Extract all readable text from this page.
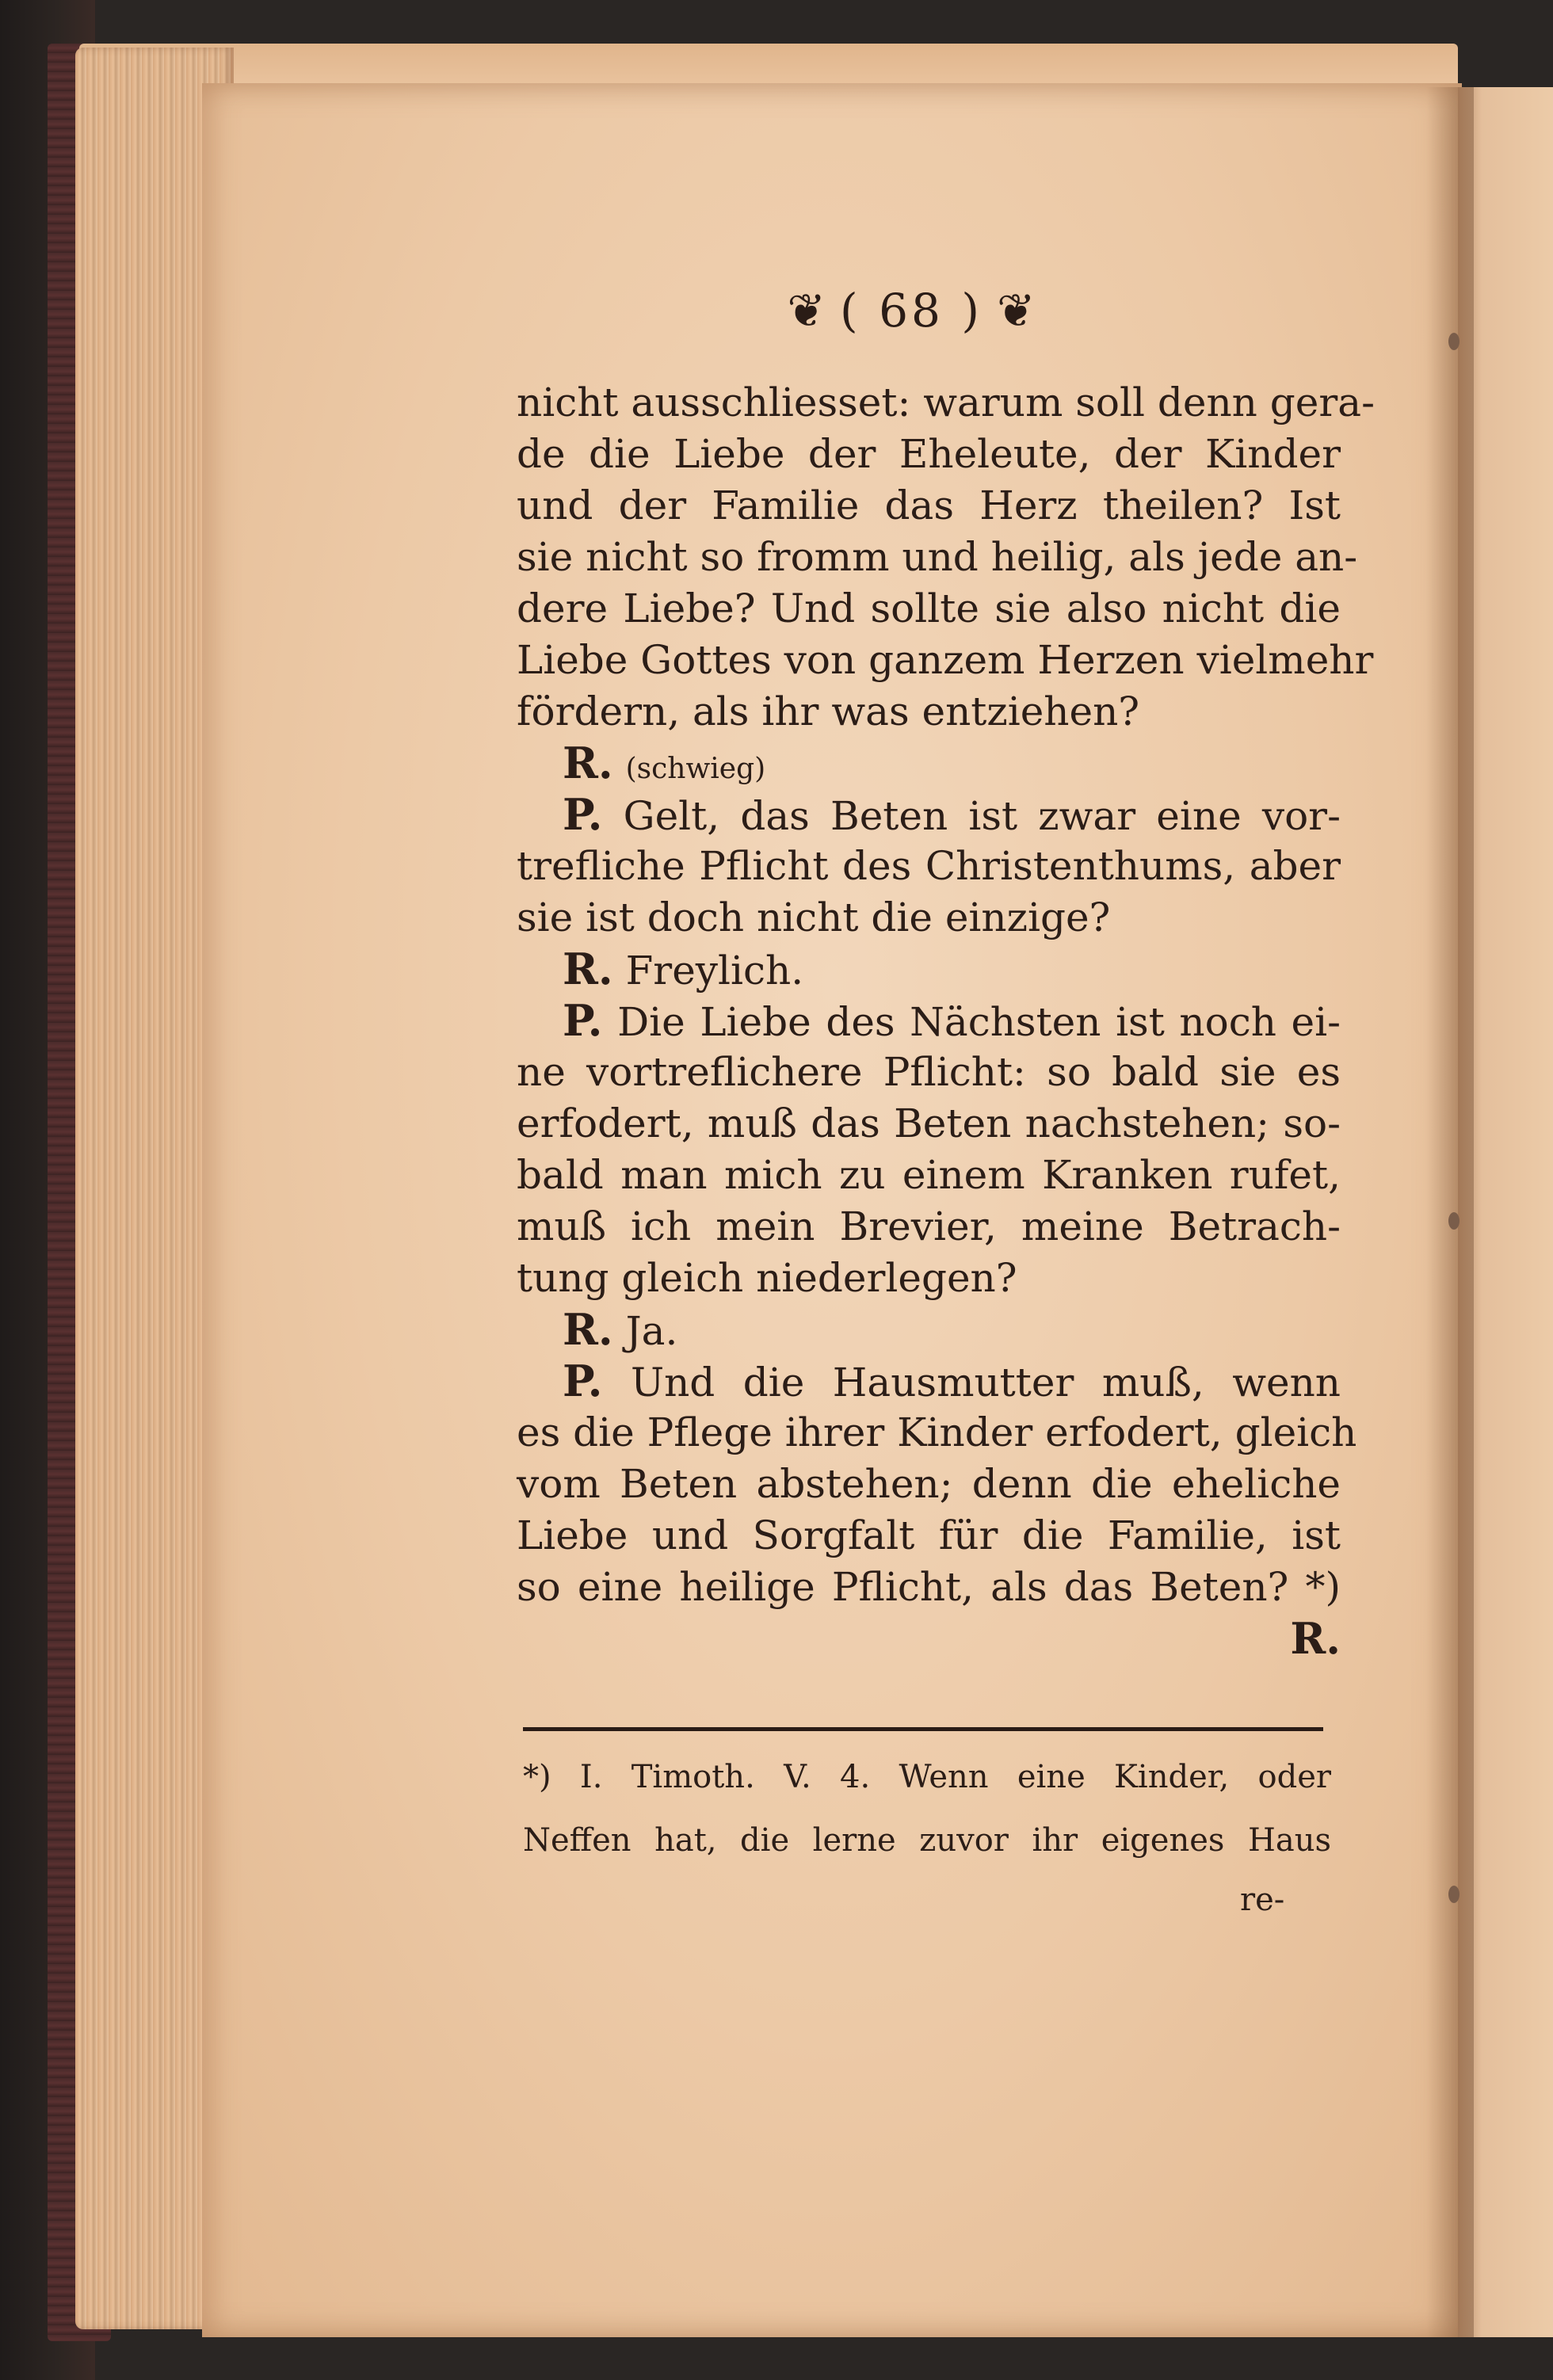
❦ ( 68 ) ❦
nicht ausschliesset: warum soll denn gera-
de die Liebe der Eheleute, der Kinder
und der Familie das Herz theilen? Ist
sie nicht so fromm und heilig, als jede an-
dere Liebe? Und sollte sie also nicht die
Liebe Gottes von ganzem Herzen vielmehr
fördern, als ihr was entziehen?
R. (schwieg)
P. Gelt, das Beten ist zwar eine vor-
trefliche Pflicht des Christenthums, aber
sie ist doch nicht die einzige?
R. Freylich.
P. Die Liebe des Nächsten ist noch ei-
ne vortreflichere Pflicht: so bald sie es
erfodert, muß das Beten nachstehen; so-
bald man mich zu einem Kranken rufet,
muß ich mein Brevier, meine Betrach-
tung gleich niederlegen?
R. Ja.
P. Und die Hausmutter muß, wenn
es die Pflege ihrer Kinder erfodert, gleich
vom Beten abstehen; denn die eheliche
Liebe und Sorgfalt für die Familie, ist
so eine heilige Pflicht, als das Beten? *)
R.
*) I. Timoth. V. 4. Wenn eine Kinder, oder
Neffen hat, die lerne zuvor ihr eigenes Haus
re-
